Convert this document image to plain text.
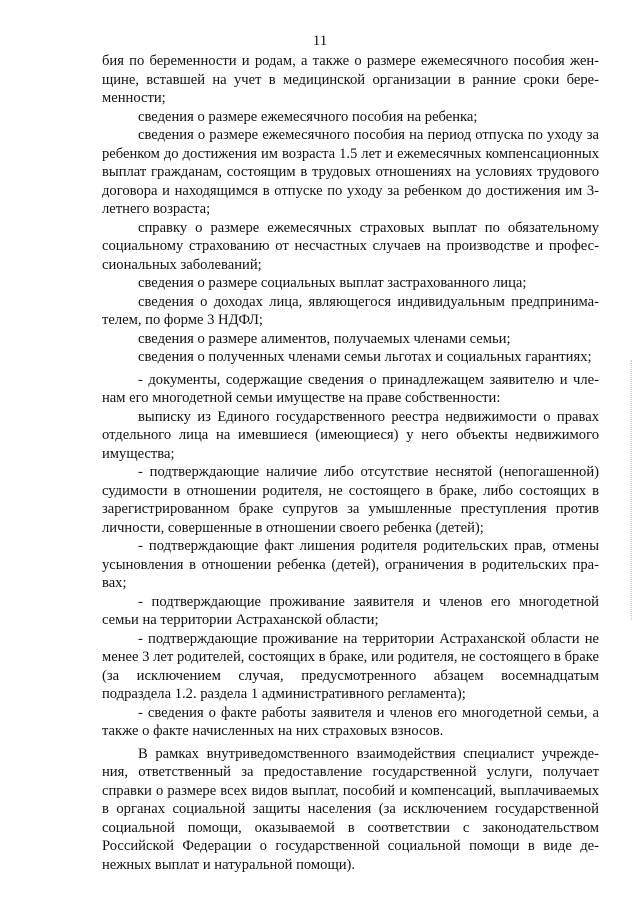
11

бия по беременности и родам, а также о размере ежемесячного пособия женщине, вставшей на учет в медицинской организации в ранние сроки беременности;

сведения о размере ежемесячного пособия на ребенка;

сведения о размере ежемесячного пособия на период отпуска по уходу за ребенком до достижения им возраста 1.5 лет и ежемесячных компенсационных выплат гражданам, состоящим в трудовых отношениях на условиях трудового договора и находящимся в отпуске по уходу за ребенком до достижения им 3-летнего возраста;

справку о размере ежемесячных страховых выплат по обязательному социальному страхованию от несчастных случаев на производстве и профессиональных заболеваний;

сведения о размере социальных выплат застрахованного лица;

сведения о доходах лица, являющегося индивидуальным предпринимателем, по форме 3 НДФЛ;

сведения о размере алиментов, получаемых членами семьи;

сведения о полученных членами семьи льготах и социальных гарантиях;

- документы, содержащие сведения о принадлежащем заявителю и членам его многодетной семьи имуществе на праве собственности:

выписку из Единого государственного реестра недвижимости о правах отдельного лица на имевшиеся (имеющиеся) у него объекты недвижимого имущества;

- подтверждающие наличие либо отсутствие неснятой (непогашенной) судимости в отношении родителя, не состоящего в браке, либо состоящих в зарегистрированном браке супругов за умышленные преступления против личности, совершенные в отношении своего ребенка (детей);

- подтверждающие факт лишения родителя родительских прав, отмены усыновления в отношении ребенка (детей), ограничения в родительских правах;

- подтверждающие проживание заявителя и членов его многодетной семьи на территории Астраханской области;

- подтверждающие проживание на территории Астраханской области не менее 3 лет родителей, состоящих в браке, или родителя, не состоящего в браке (за исключением случая, предусмотренного абзацем восемнадцатым подраздела 1.2. раздела 1 административного регламента);

- сведения о факте работы заявителя и членов его многодетной семьи, а также о факте начисленных на них страховых взносов.

В рамках внутриведомственного взаимодействия специалист учреждения, ответственный за предоставление государственной услуги, получает справки о размере всех видов выплат, пособий и компенсаций, выплачиваемых в органах социальной защиты населения (за исключением государственной социальной помощи, оказываемой в соответствии с законодательством Российской Федерации о государственной социальной помощи в виде денежных выплат и натуральной помощи).
